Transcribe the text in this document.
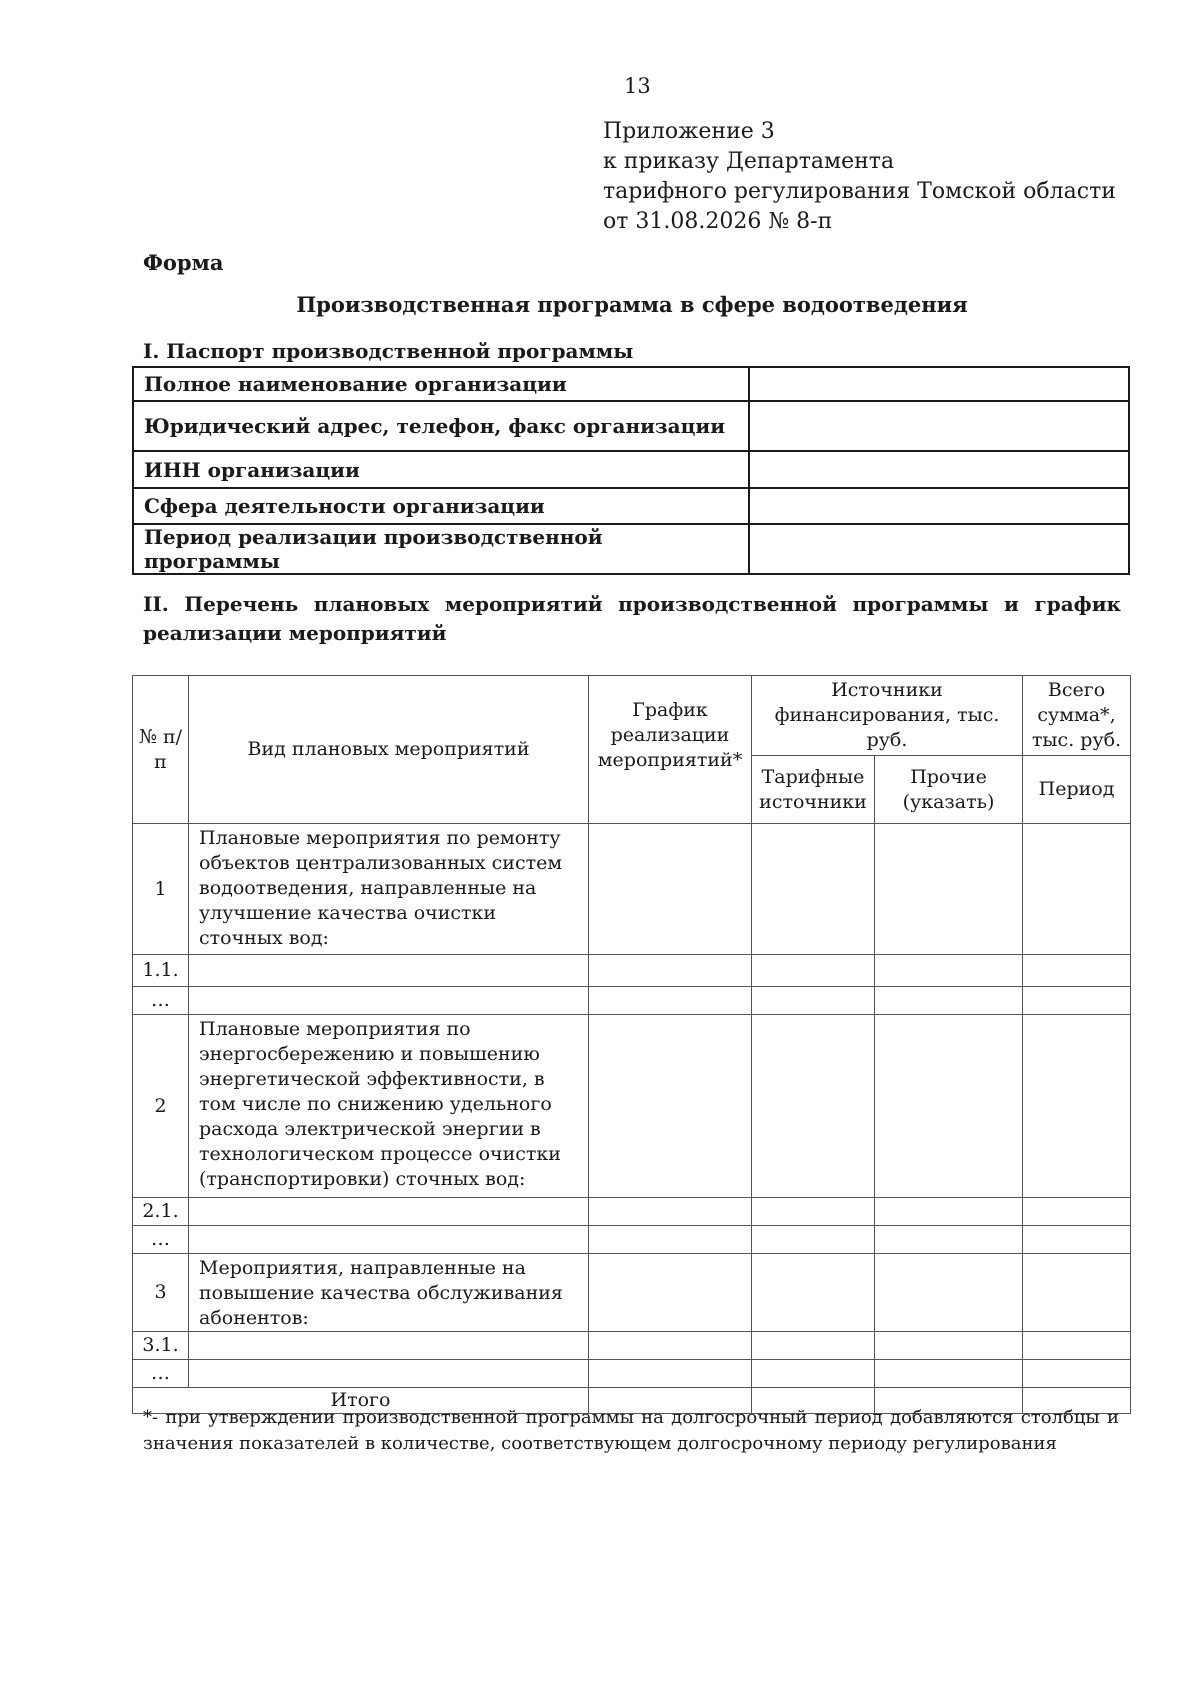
13
Приложение 3
к приказу Департамента
тарифного регулирования Томской области
от 31.08.2026 № 8-п
Форма
Производственная программа в сфере водоотведения
I. Паспорт производственной программы
Полное наименование организации	
Юридический адрес, телефон, факс организации	
ИНН организации	
Сфера деятельности организации	
Период реализации производственной программы	
II. Перечень плановых мероприятий производственной программы и график реализации мероприятий
№ п/п	Вид плановых мероприятий	График реализации мероприятий*	Источники финансирования, тыс. руб.		Всего сумма*, тыс. руб.
			Тарифные источники	Прочие (указать)	Период
1	Плановые мероприятия по ремонту объектов централизованных систем водоотведения, направленные на улучшение качества очистки сточных вод:				
1.1.					
…					
2	Плановые мероприятия по энергосбережению и повышению энергетической эффективности, в том числе по снижению удельного расхода электрической энергии в технологическом процессе очистки (транспортировки) сточных вод:				
2.1.					
…					
3	Мероприятия, направленные на повышение качества обслуживания абонентов:				
3.1.					
…					
Итого					
*- при утверждении производственной программы на долгосрочный период добавляются столбцы и значения показателей в количестве, соответствующем долгосрочному периоду регулирования
